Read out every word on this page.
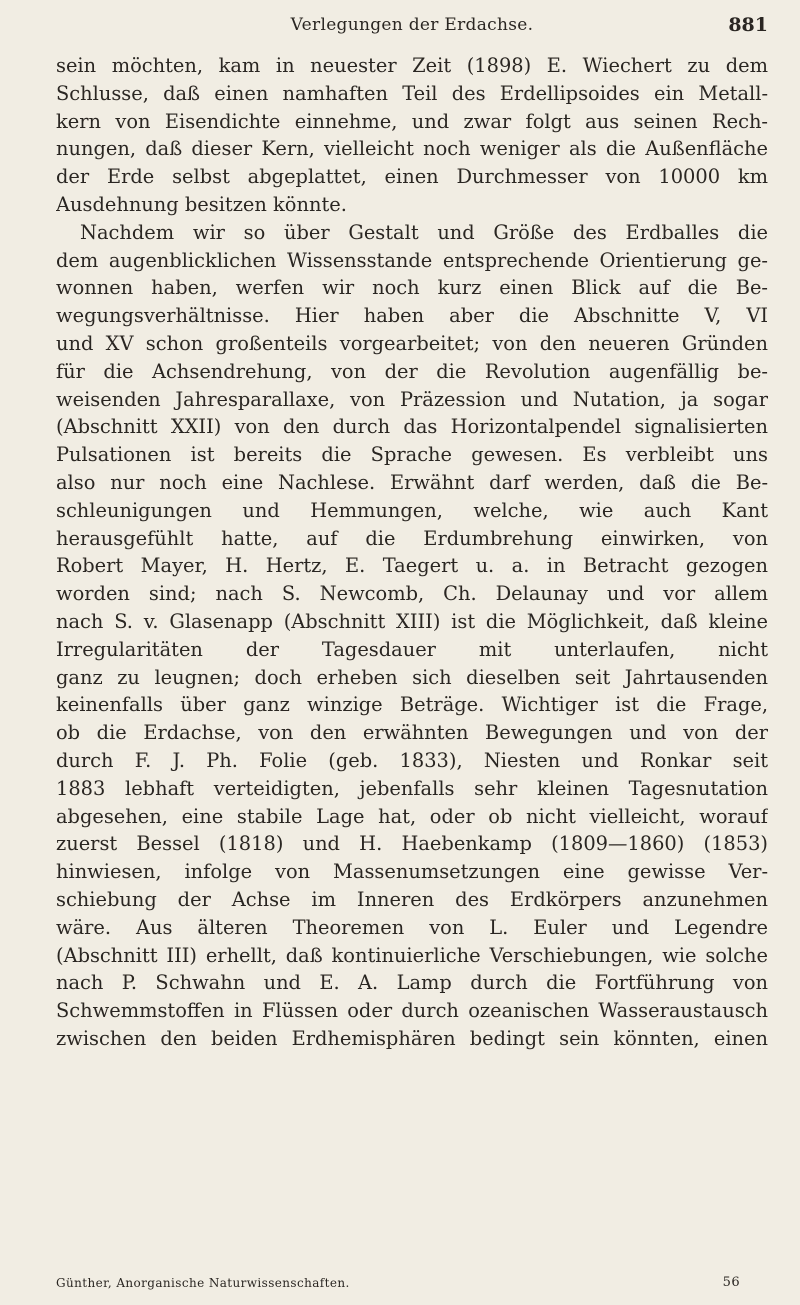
Verlegungen der Erdachse.	881
sein möchten, kam in neuester Zeit (1898) E. Wiechert zu dem
Schlusse, daß einen namhaften Teil des Erdellipsoides ein Metall-
kern von Eisendichte einnehme, und zwar folgt aus seinen Rech-
nungen, daß dieser Kern, vielleicht noch weniger als die Außenfläche
der Erde selbst abgeplattet, einen Durchmesser von 10000 km
Ausdehnung besitzen könnte.
Nachdem wir so über Gestalt und Größe des Erdballes die
dem augenblicklichen Wissensstande entsprechende Orientierung ge-
wonnen haben, werfen wir noch kurz einen Blick auf die Be-
wegungsverhältnisse. Hier haben aber die Abschnitte V, VI
und XV schon großenteils vorgearbeitet; von den neueren Gründen
für die Achsendrehung, von der die Revolution augenfällig be-
weisenden Jahresparallaxe, von Präzession und Nutation, ja sogar
(Abschnitt XXII) von den durch das Horizontalpendel signalisierten
Pulsationen ist bereits die Sprache gewesen. Es verbleibt uns
also nur noch eine Nachlese. Erwähnt darf werden, daß die Be-
schleunigungen und Hemmungen, welche, wie auch Kant
herausgefühlt hatte, auf die Erdumbrehung einwirken, von
Robert Mayer, H. Hertz, E. Taegert u. a. in Betracht gezogen
worden sind; nach S. Newcomb, Ch. Delaunay und vor allem
nach S. v. Glasenapp (Abschnitt XIII) ist die Möglichkeit, daß kleine
Irregularitäten der Tagesdauer mit unterlaufen, nicht
ganz zu leugnen; doch erheben sich dieselben seit Jahrtausenden
keinenfalls über ganz winzige Beträge. Wichtiger ist die Frage,
ob die Erdachse, von den erwähnten Bewegungen und von der
durch F. J. Ph. Folie (geb. 1833), Niesten und Ronkar seit
1883 lebhaft verteidigten, jebenfalls sehr kleinen Tagesnutation
abgesehen, eine stabile Lage hat, oder ob nicht vielleicht, worauf
zuerst Bessel (1818) und H. Haebenkamp (1809—1860) (1853)
hinwiesen, infolge von Massenumsetzungen eine gewisse Ver-
schiebung der Achse im Inneren des Erdkörpers anzunehmen
wäre. Aus älteren Theoremen von L. Euler und Legendre
(Abschnitt III) erhellt, daß kontinuierliche Verschiebungen, wie solche
nach P. Schwahn und E. A. Lamp durch die Fortführung von
Schwemmstoffen in Flüssen oder durch ozeanischen Wasseraustausch
zwischen den beiden Erdhemisphären bedingt sein könnten, einen
Günther, Anorganische Naturwissenschaften.	56
